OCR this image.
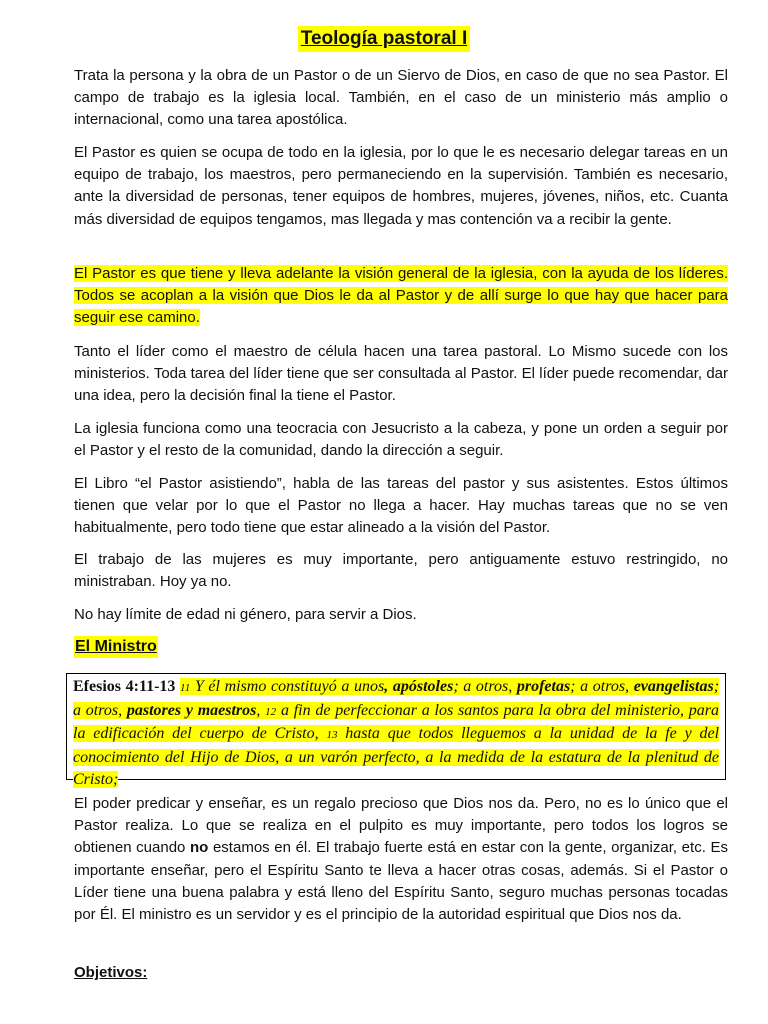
Teología pastoral I

Trata la persona y la obra de un Pastor o de un Siervo de Dios, en caso de que no sea Pastor. El campo de trabajo es la iglesia local. También, en el caso de un ministerio más amplio o internacional, como una tarea apostólica.

El Pastor es quien se ocupa de todo en la iglesia, por lo que le es necesario delegar tareas en un equipo de trabajo, los maestros, pero permaneciendo en la supervisión. También es necesario, ante la diversidad de personas, tener equipos de hombres, mujeres, jóvenes, niños, etc. Cuanta más diversidad de equipos tengamos, mas llegada y mas contención va a recibir la gente.

El Pastor es que tiene y lleva adelante la visión general de la iglesia, con la ayuda de los líderes. Todos se acoplan a la visión que Dios le da al Pastor y de allí surge lo que hay que hacer para seguir ese camino.

Tanto el líder como el maestro de célula hacen una tarea pastoral. Lo Mismo sucede con los ministerios. Toda tarea del líder tiene que ser consultada al Pastor. El líder puede recomendar, dar una idea, pero la decisión final la tiene el Pastor.

La iglesia funciona como una teocracia con Jesucristo a la cabeza, y pone un orden a seguir por el Pastor y el resto de la comunidad, dando la dirección a seguir.

El Libro “el Pastor asistiendo”, habla de las tareas del pastor y sus asistentes. Estos últimos tienen que velar por lo que el Pastor no llega a hacer. Hay muchas tareas que no se ven habitualmente, pero todo tiene que estar alineado a la visión del Pastor.

El trabajo de las mujeres es muy importante, pero antiguamente estuvo restringido, no ministraban. Hoy ya no.

No hay límite de edad ni género, para servir a Dios.

El Ministro
Efesios 4:11-13 11 Y él mismo constituyó a unos, apóstoles; a otros, profetas; a otros, evangelistas; a otros, pastores y maestros, 12 a fin de perfeccionar a los santos para la obra del ministerio, para la edificación del cuerpo de Cristo, 13 hasta que todos lleguemos a la unidad de la fe y del conocimiento del Hijo de Dios, a un varón perfecto, a la medida de la estatura de la plenitud de Cristo;

El poder predicar y enseñar, es un regalo precioso que Dios nos da. Pero, no es lo único que el Pastor realiza. Lo que se realiza en el pulpito es muy importante, pero todos los logros se obtienen cuando no estamos en él. El trabajo fuerte está en estar con la gente, organizar, etc. Es importante enseñar, pero el Espíritu Santo te lleva a hacer otras cosas, además. Si el Pastor o Líder tiene una buena palabra y está lleno del Espíritu Santo, seguro muchas personas tocadas por Él. El ministro es un servidor y es el principio de la autoridad espiritual que Dios nos da.

Objetivos:
